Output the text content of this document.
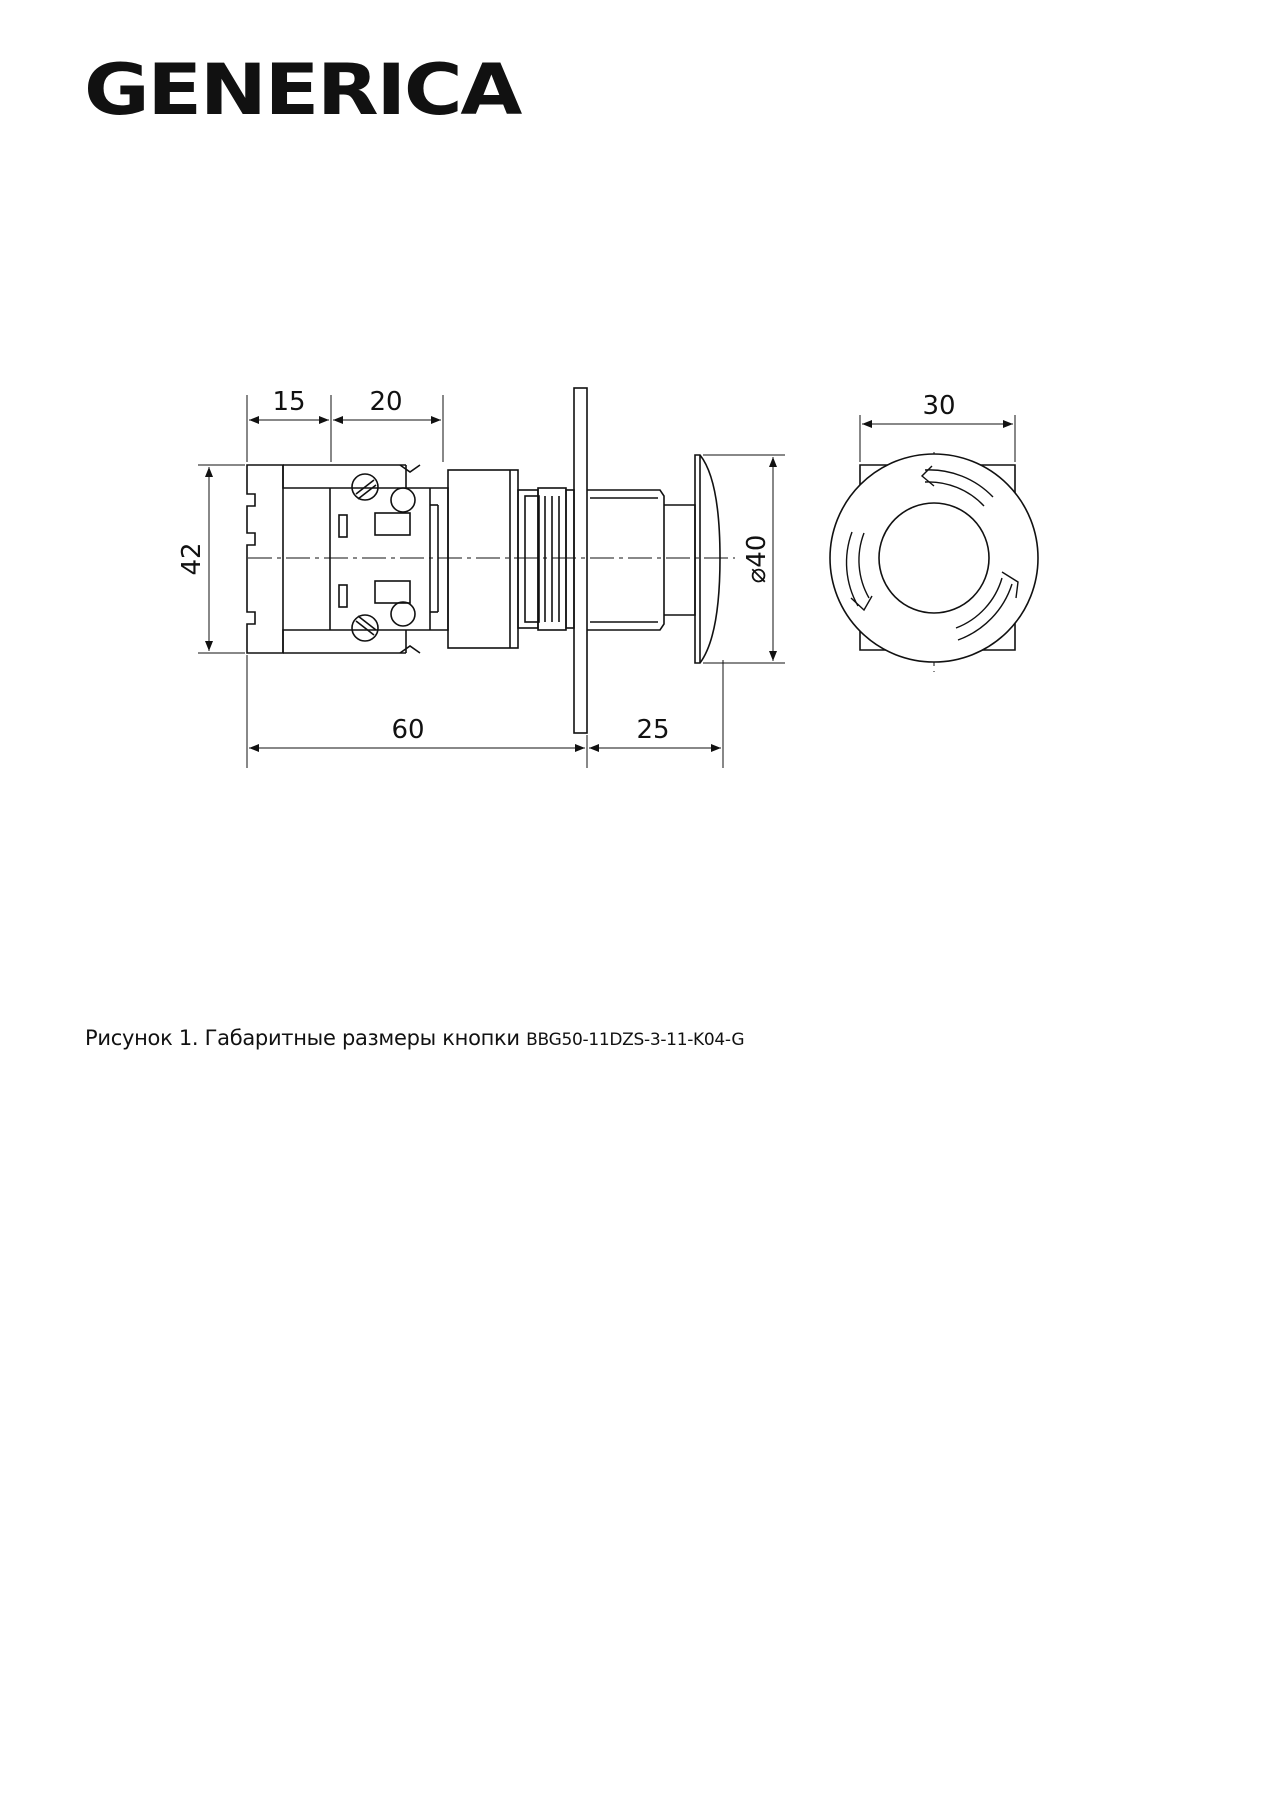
GENERICA
15 20
42
60	25
⌀40
30
Рисунок 1. Габаритные размеры кнопки BBG50-11DZS-3-11-K04-G
